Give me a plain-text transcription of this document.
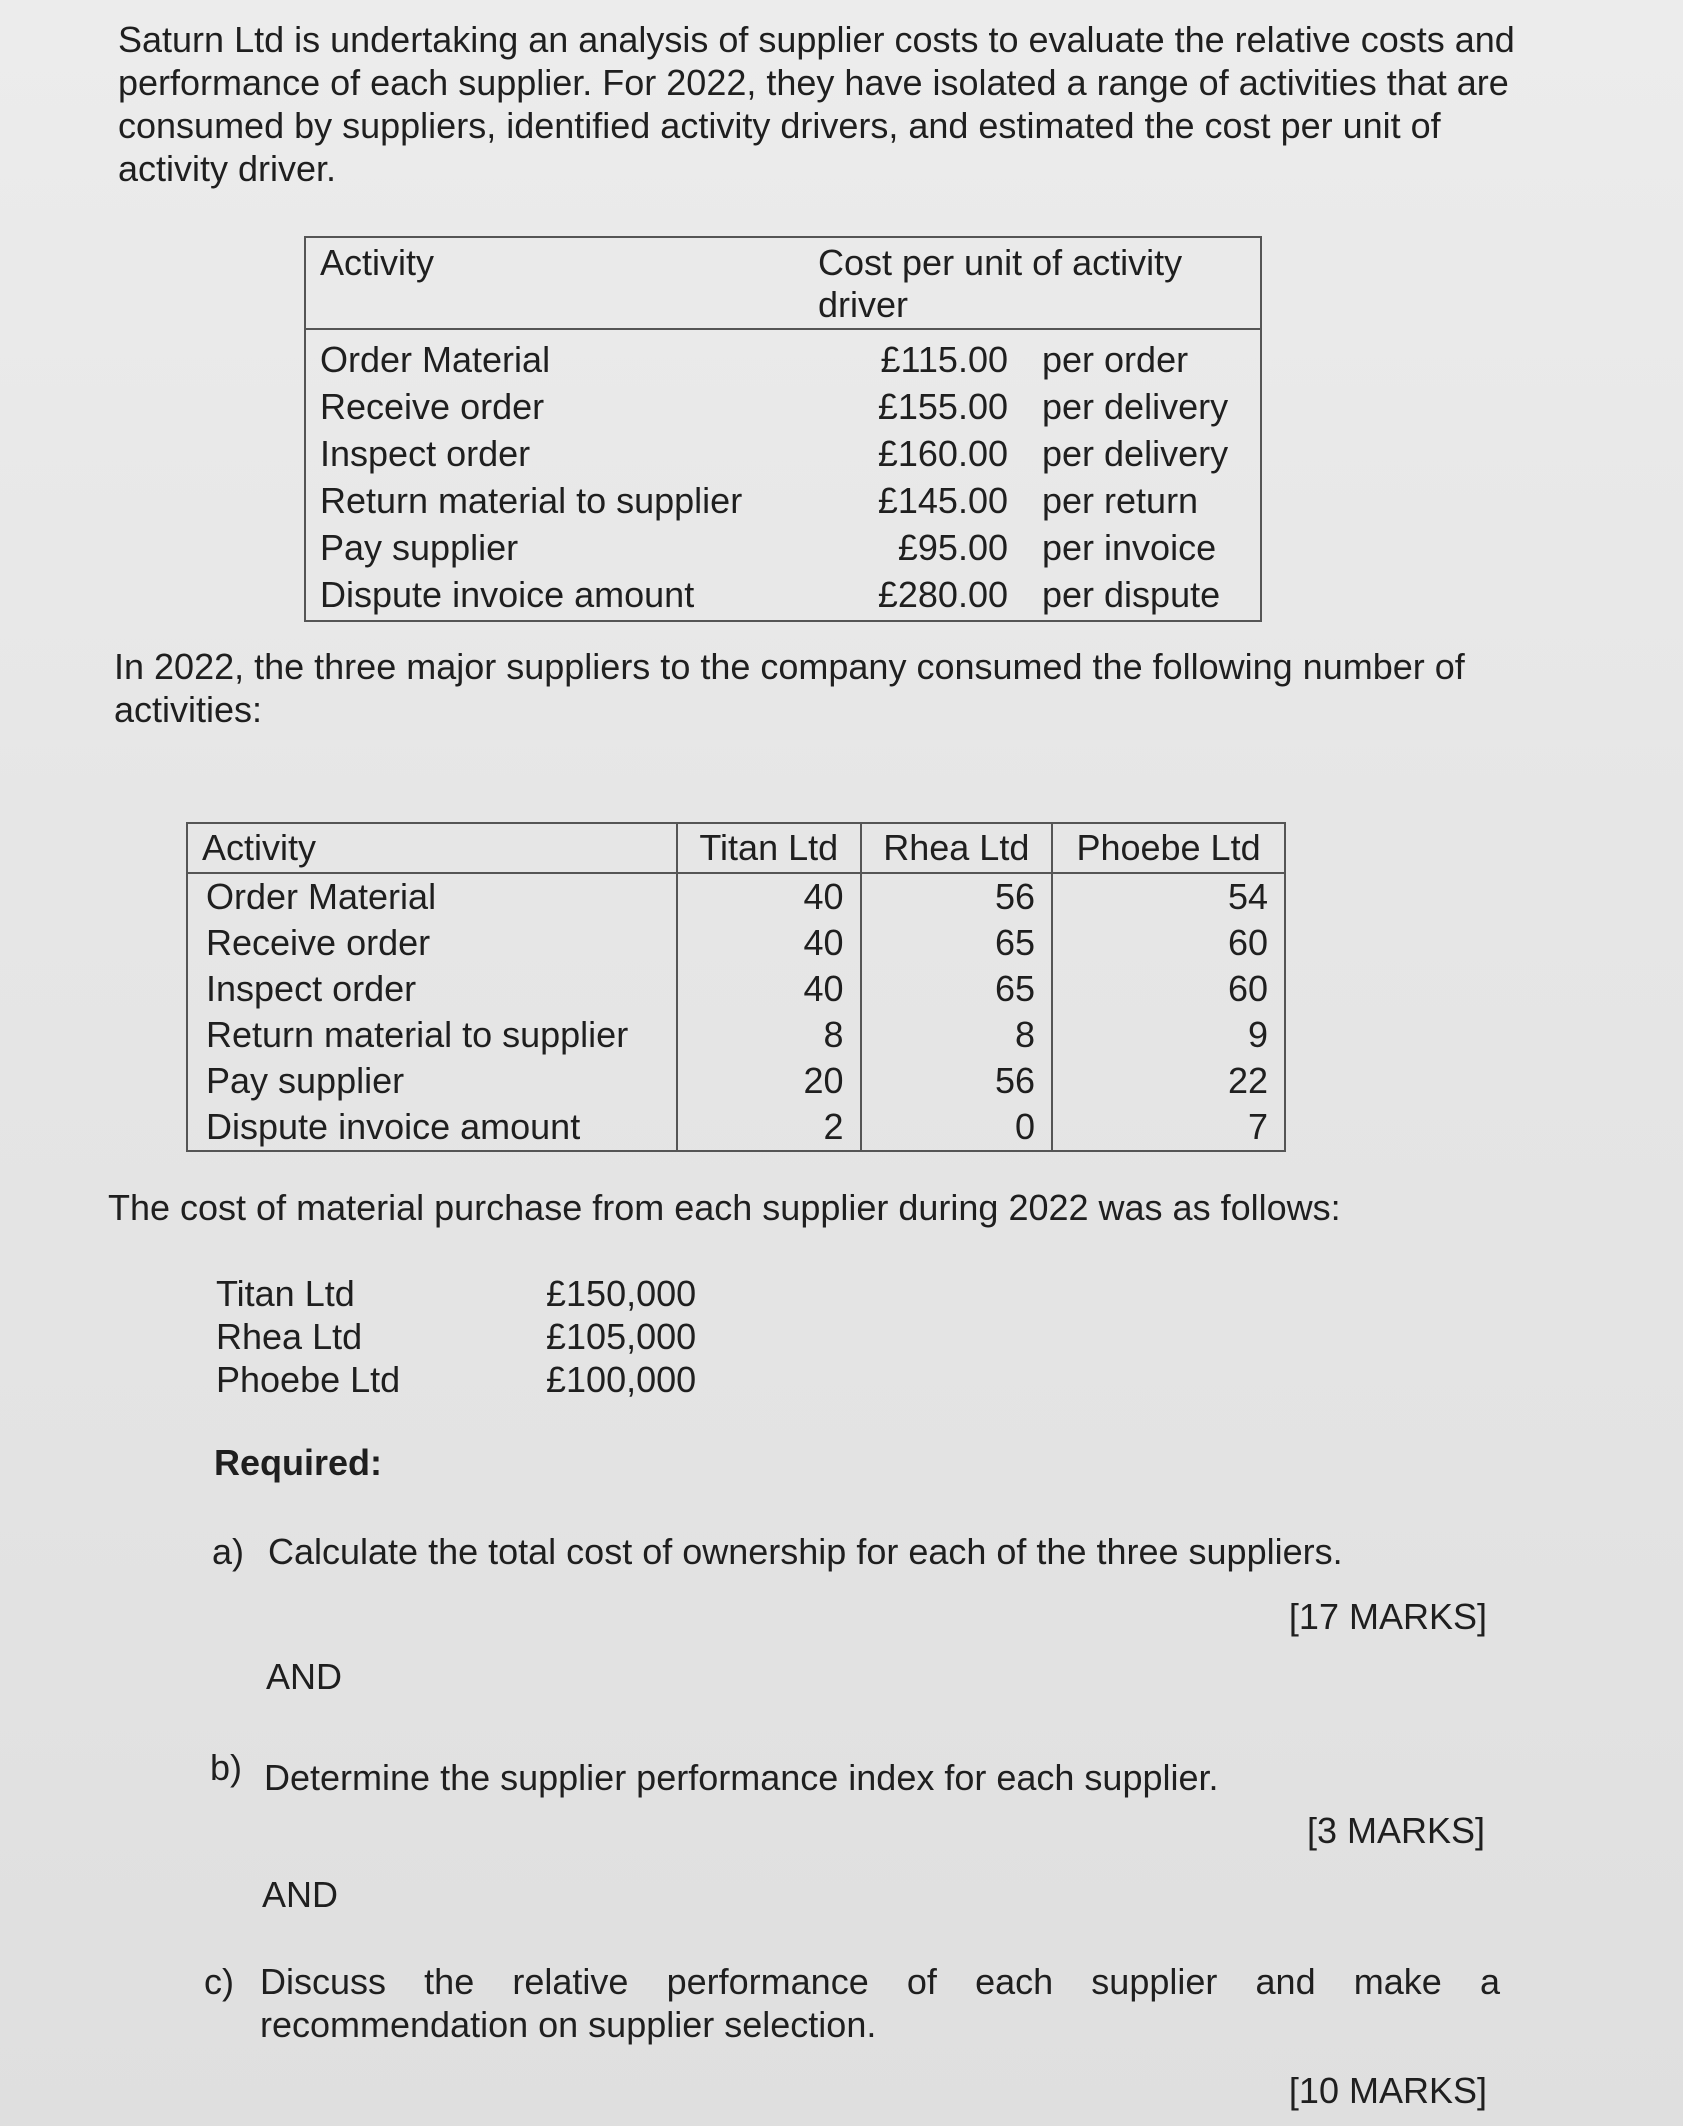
Saturn Ltd is undertaking an analysis of supplier costs to evaluate the relative costs and performance of each supplier. For 2022, they have isolated a range of activities that are consumed by suppliers, identified activity drivers, and estimated the cost per unit of activity driver.

Activity	Cost per unit of activity driver	
Order Material	£115.00	per order
Receive order	£155.00	per delivery
Inspect order	£160.00	per delivery
Return material to supplier	£145.00	per return
Pay supplier	£95.00	per invoice
Dispute invoice amount	£280.00	per dispute

In 2022, the three major suppliers to the company consumed the following number of activities:

Activity	Titan Ltd	Rhea Ltd	Phoebe Ltd
Order Material	40	56	54
Receive order	40	65	60
Inspect order	40	65	60
Return material to supplier	8	8	9
Pay supplier	20	56	22
Dispute invoice amount	2	0	7

The cost of material purchase from each supplier during 2022 was as follows:

Titan Ltd	£150,000
Rhea Ltd	£105,000
Phoebe Ltd	£100,000

Required:

a) Calculate the total cost of ownership for each of the three suppliers.
[17 MARKS]
AND
b) Determine the supplier performance index for each supplier.
[3 MARKS]
AND
c) Discuss the relative performance of each supplier and make a recommendation on supplier selection.
[10 MARKS]
